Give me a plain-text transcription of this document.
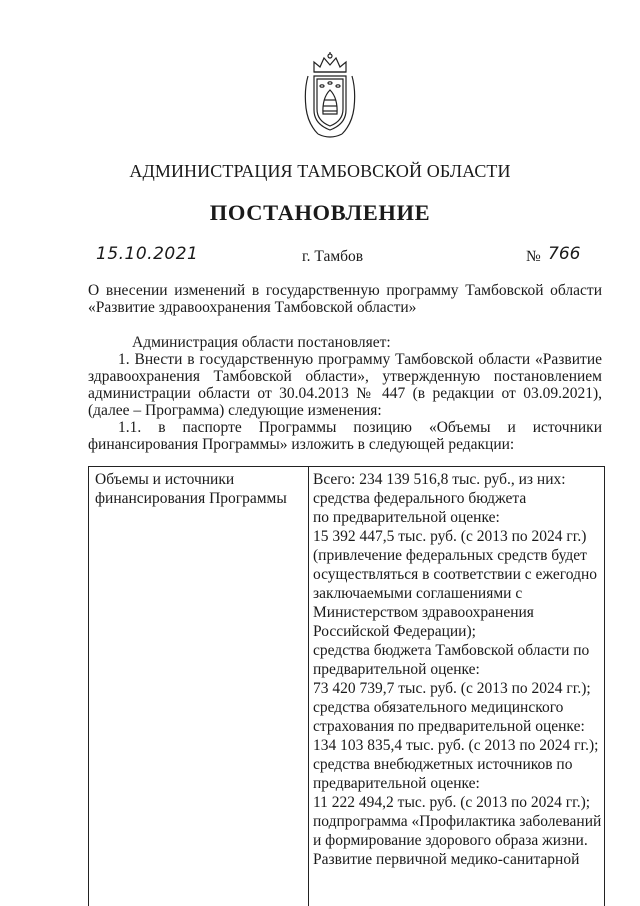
АДМИНИСТРАЦИЯ ТАМБОВСКОЙ ОБЛАСТИ
ПОСТАНОВЛЕНИЕ
15.10.2021	г. Тамбов	№ 766
О внесении изменений в государственную программу Тамбовской области
«Развитие здравоохранения Тамбовской области»
Администрация области постановляет:
1. Внести в государственную программу Тамбовской области «Развитие
здравоохранения Тамбовской области», утвержденную постановлением
администрации области от 30.04.2013 № 447 (в редакции от 03.09.2021),
(далее – Программа) следующие изменения:
1.1. в паспорте Программы позицию «Объемы и источники
финансирования Программы» изложить в следующей редакции:
Объемы и источники
финансирования Программы
Всего: 234 139 516,8 тыс. руб., из них:
средства федерального бюджета
по предварительной оценке:
15 392 447,5 тыс. руб. (с 2013 по 2024 гг.)
(привлечение федеральных средств будет
осуществляться в соответствии с ежегодно
заключаемыми соглашениями с
Министерством здравоохранения
Российской Федерации);
средства бюджета Тамбовской области по
предварительной оценке:
73 420 739,7 тыс. руб. (с 2013 по 2024 гг.);
средства обязательного медицинского
страхования по предварительной оценке:
134 103 835,4 тыс. руб. (с 2013 по 2024 гг.);
средства внебюджетных источников по
предварительной оценке:
11 222 494,2 тыс. руб. (с 2013 по 2024 гг.);
подпрограмма «Профилактика заболеваний
и формирование здорового образа жизни.
Развитие первичной медико-санитарной
